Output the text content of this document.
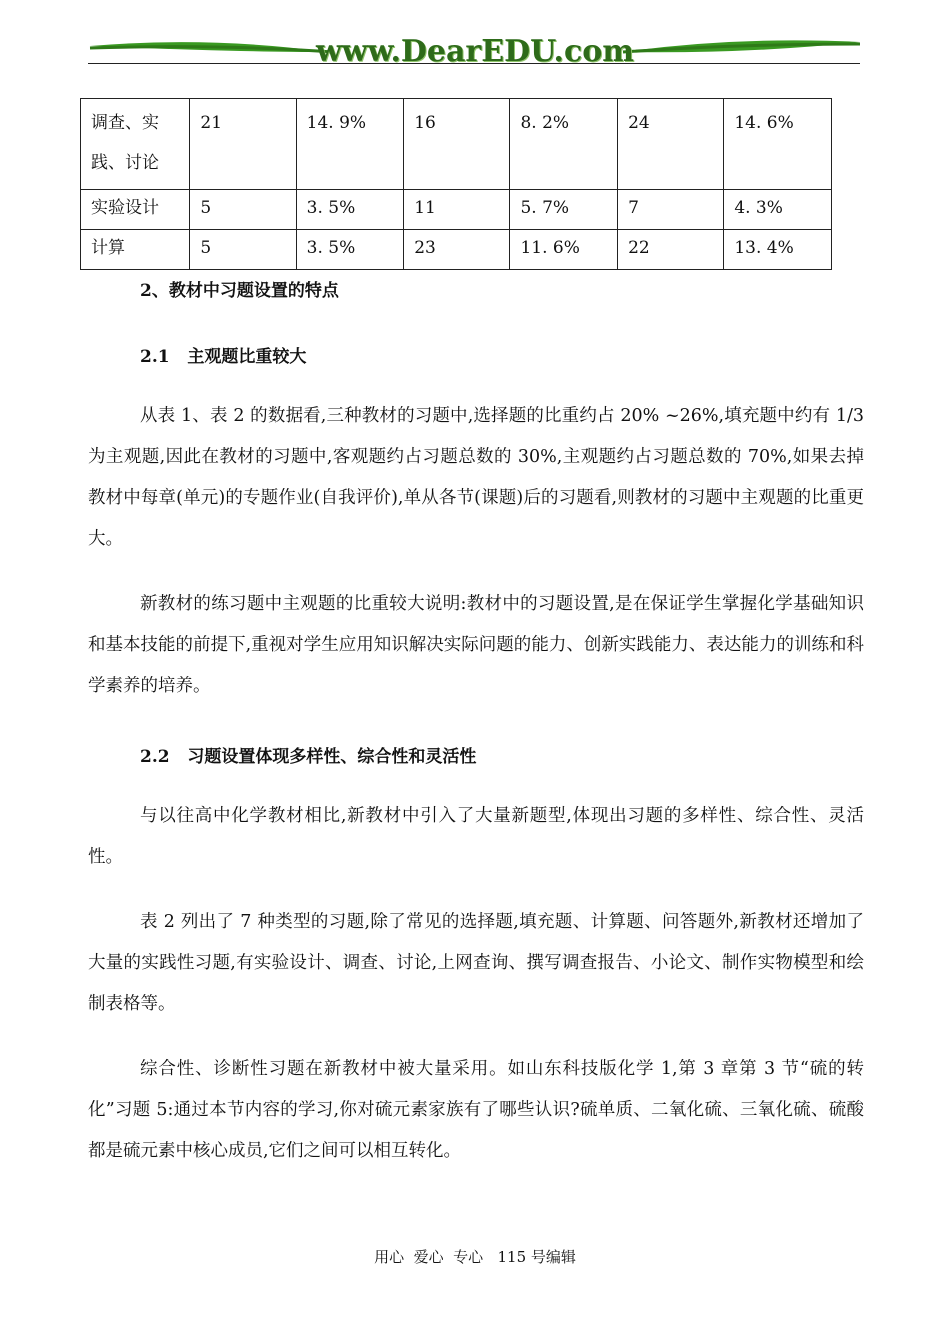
www.DearEDU.com
调查、实践、讨论	21	14. 9%	16	8. 2%	24	14. 6%
实验设计	5	3. 5%	11	5. 7%	7	4. 3%
计算	5	3. 5%	23	11. 6%	22	13. 4%
2、教材中习题设置的特点
2.1   主观题比重较大
从表 1、表 2 的数据看,三种教材的习题中,选择题的比重约占 20% ~26%,填充题中约有 1/3 为主观题,因此在教材的习题中,客观题约占习题总数的 30%,主观题约占习题总数的 70%,如果去掉教材中每章(单元)的专题作业(自我评价),单从各节(课题)后的习题看,则教材的习题中主观题的比重更大。
新教材的练习题中主观题的比重较大说明:教材中的习题设置,是在保证学生掌握化学基础知识和基本技能的前提下,重视对学生应用知识解决实际问题的能力、创新实践能力、表达能力的训练和科学素养的培养。
2.2   习题设置体现多样性、综合性和灵活性
与以往高中化学教材相比,新教材中引入了大量新题型,体现出习题的多样性、综合性、灵活性。
表 2 列出了 7 种类型的习题,除了常见的选择题,填充题、计算题、问答题外,新教材还增加了大量的实践性习题,有实验设计、调查、讨论,上网查询、撰写调查报告、小论文、制作实物模型和绘制表格等。
综合性、诊断性习题在新教材中被大量采用。如山东科技版化学 1,第 3 章第 3 节“硫的转化”习题 5:通过本节内容的学习,你对硫元素家族有了哪些认识?硫单质、二氧化硫、三氧化硫、硫酸都是硫元素中核心成员,它们之间可以相互转化。
用心  爱心  专心   115 号编辑
